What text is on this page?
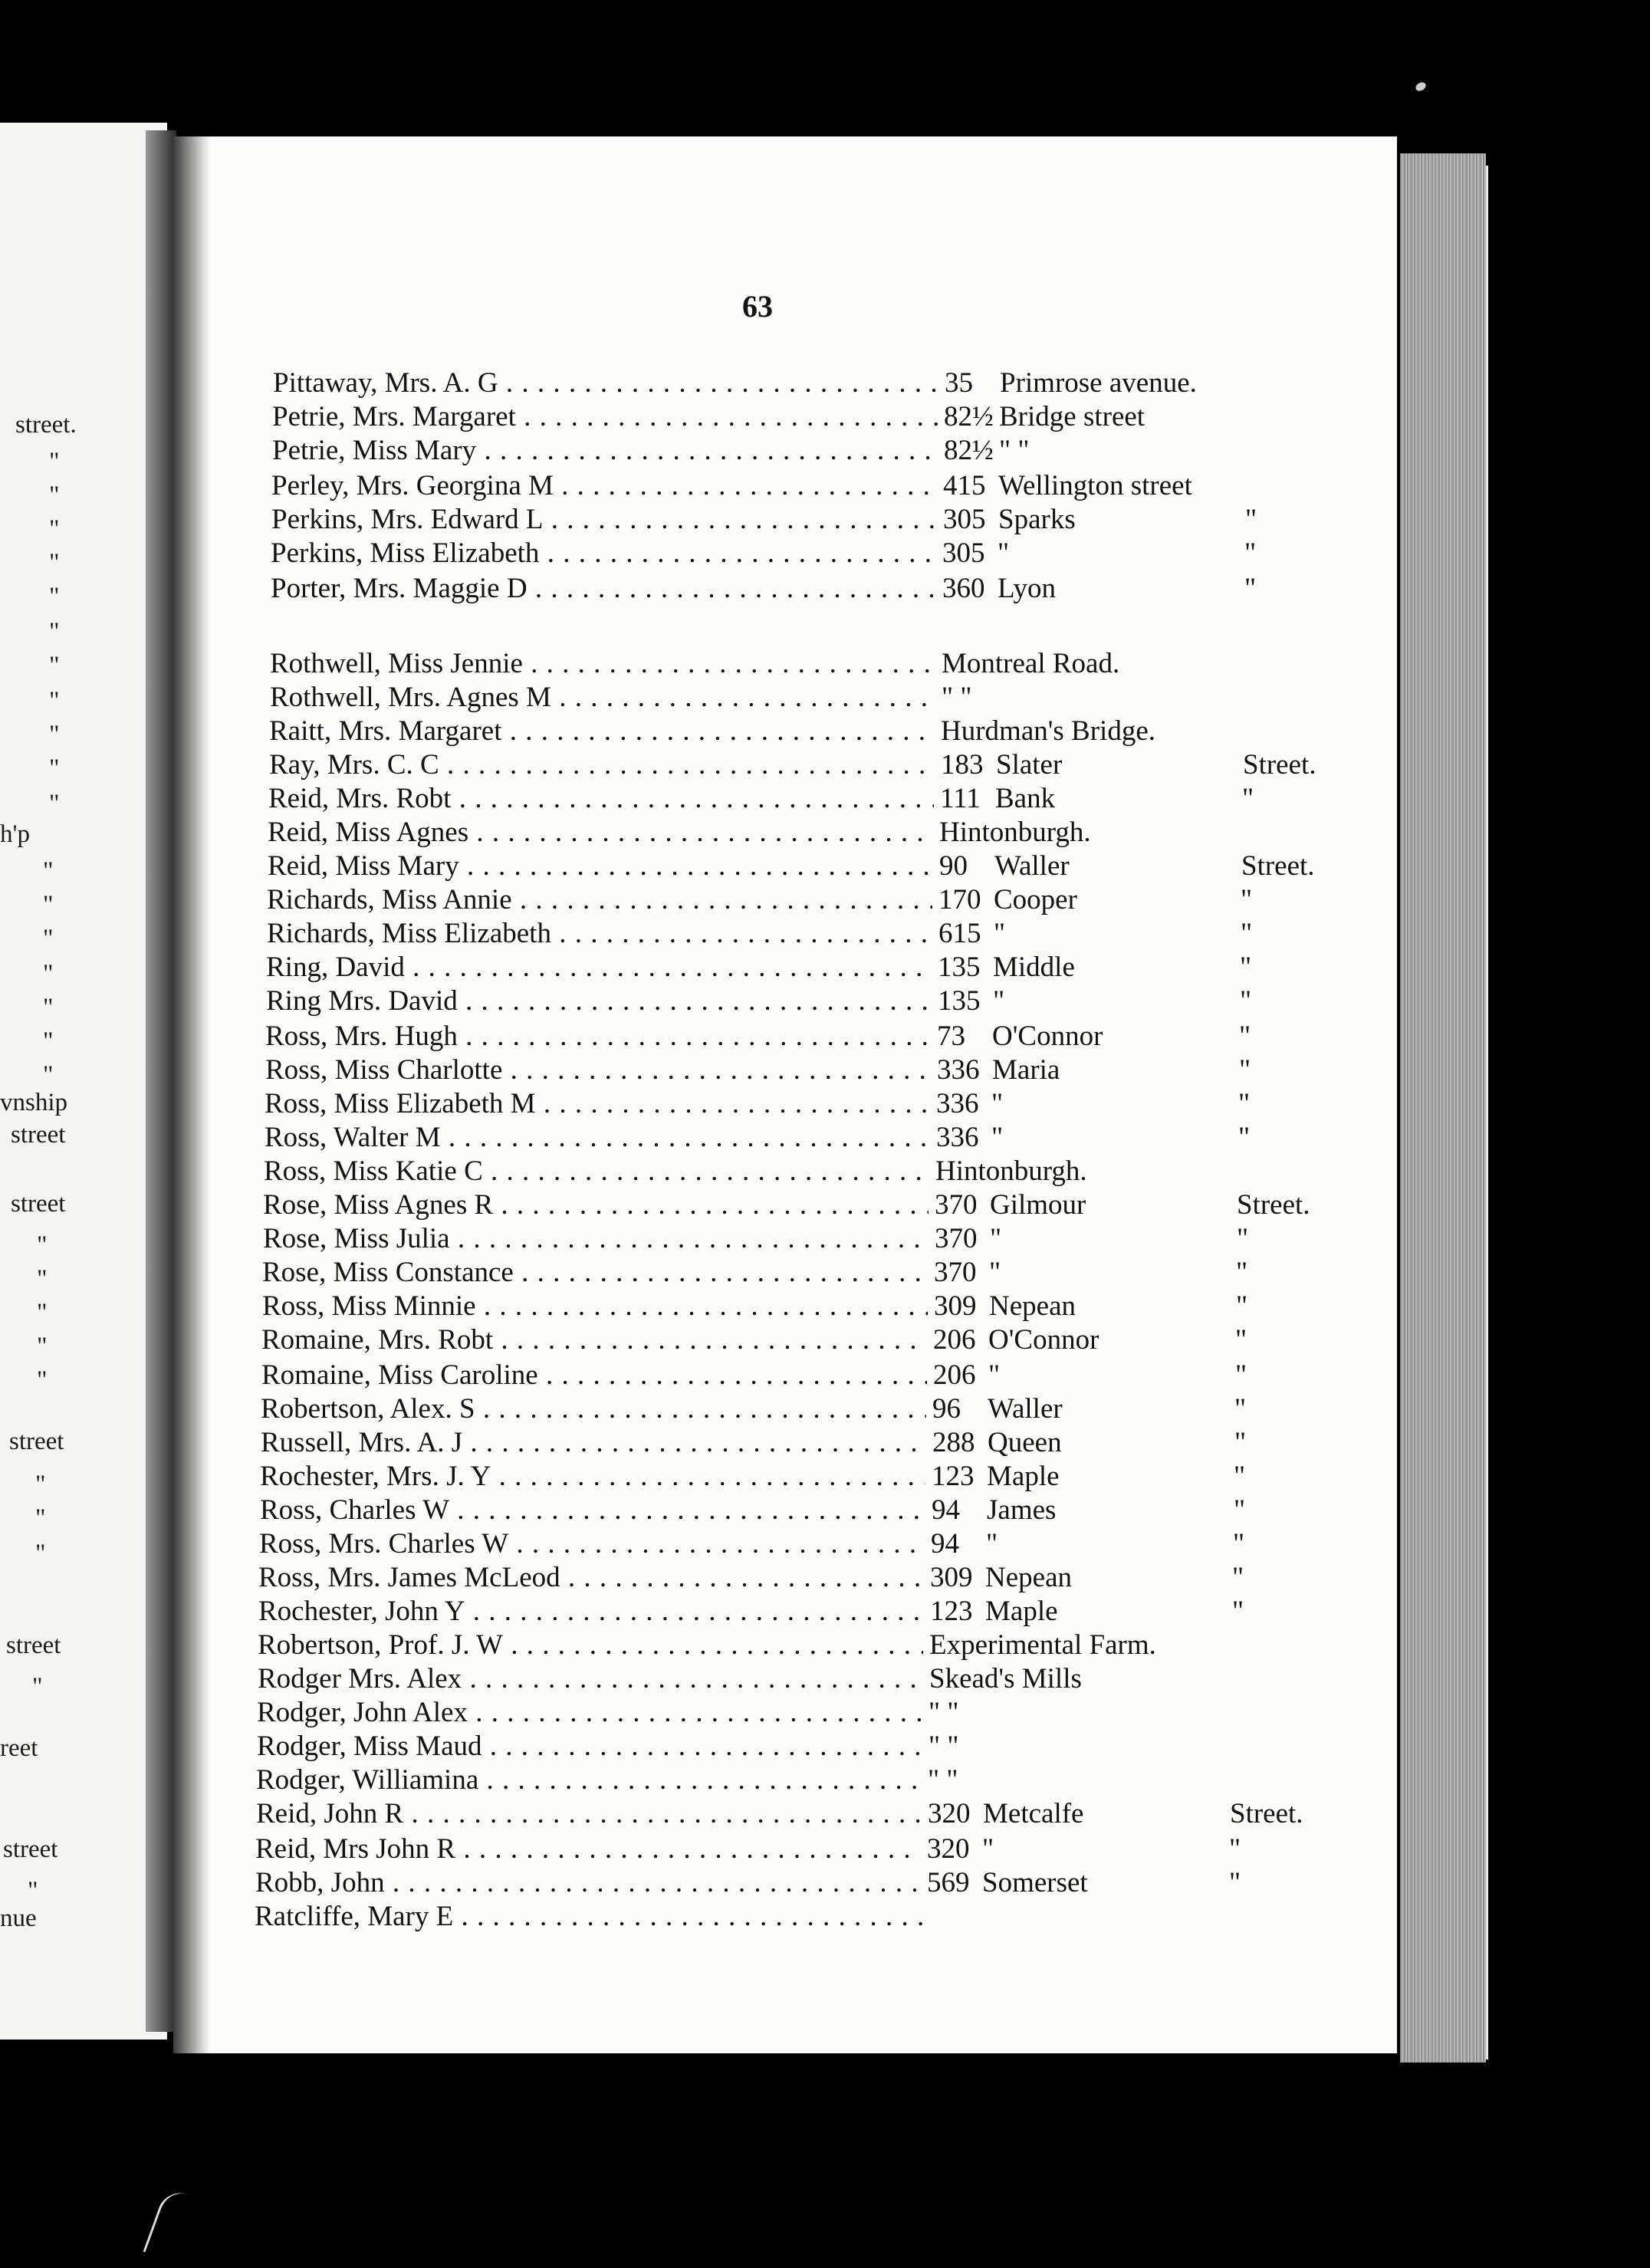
street.
"
"
"
"
"
"
"
"
"
"
"
h'p
"
"
"
"
"
"
"
vnship
street
street
"
"
"
"
"
street
"
"
"
street
"
reet
street
"
nue
63
Pittaway, Mrs. A. G . . .	35 Primrose avenue.
Petrie, Mrs. Margaret . . .	82½ Bridge street
Petrie, Miss Mary . . .	82½ " "
Perley, Mrs. Georgina M . . .	415 Wellington street
Perkins, Mrs. Edward L . . .	305 Sparks	"
Perkins, Miss Elizabeth . . .	305 "	"
Porter, Mrs. Maggie D . . .	360 Lyon	"
Rothwell, Miss Jennie . . .	Montreal Road.
Rothwell, Mrs. Agnes M . . .	" "
Raitt, Mrs. Margaret . . .	Hurdman's Bridge.
Ray, Mrs. C. C . . .	183 Slater	Street.
Reid, Mrs. Robt . . .	111 Bank	"
Reid, Miss Agnes . . .	Hintonburgh.
Reid, Miss Mary . . .	90 Waller	Street.
Richards, Miss Annie . . .	170 Cooper	"
Richards, Miss Elizabeth . . .	615 "	"
Ring, David . . .	135 Middle	"
Ring Mrs. David . . .	135 "	"
Ross, Mrs. Hugh . . .	73 O'Connor	"
Ross, Miss Charlotte . . .	336 Maria	"
Ross, Miss Elizabeth M . . .	336 "	"
Ross, Walter M . . .	336 "	"
Ross, Miss Katie C . . .	Hintonburgh.
Rose, Miss Agnes R . . .	370 Gilmour	Street.
Rose, Miss Julia . . .	370 "	"
Rose, Miss Constance . . .	370 "	"
Ross, Miss Minnie . . .	309 Nepean	"
Romaine, Mrs. Robt . . .	206 O'Connor	"
Romaine, Miss Caroline . . .	206 "	"
Robertson, Alex. S . . .	96 Waller	"
Russell, Mrs. A. J . . .	288 Queen	"
Rochester, Mrs. J. Y . . .	123 Maple	"
Ross, Charles W . . .	94 James	"
Ross, Mrs. Charles W . . .	94 "	"
Ross, Mrs. James McLeod . . .	309 Nepean	"
Rochester, John Y . . .	123 Maple	"
Robertson, Prof. J. W . . .	Experimental Farm.
Rodger Mrs. Alex . . .	Skead's Mills
Rodger, John Alex . . .	" "
Rodger, Miss Maud . . .	" "
Rodger, Williamina . . .	" "
Reid, John R . . .	320 Metcalfe	Street.
Reid, Mrs John R . . .	320 "	"
Robb, John . . .	569 Somerset	"
Ratcliffe, Mary E . . .
